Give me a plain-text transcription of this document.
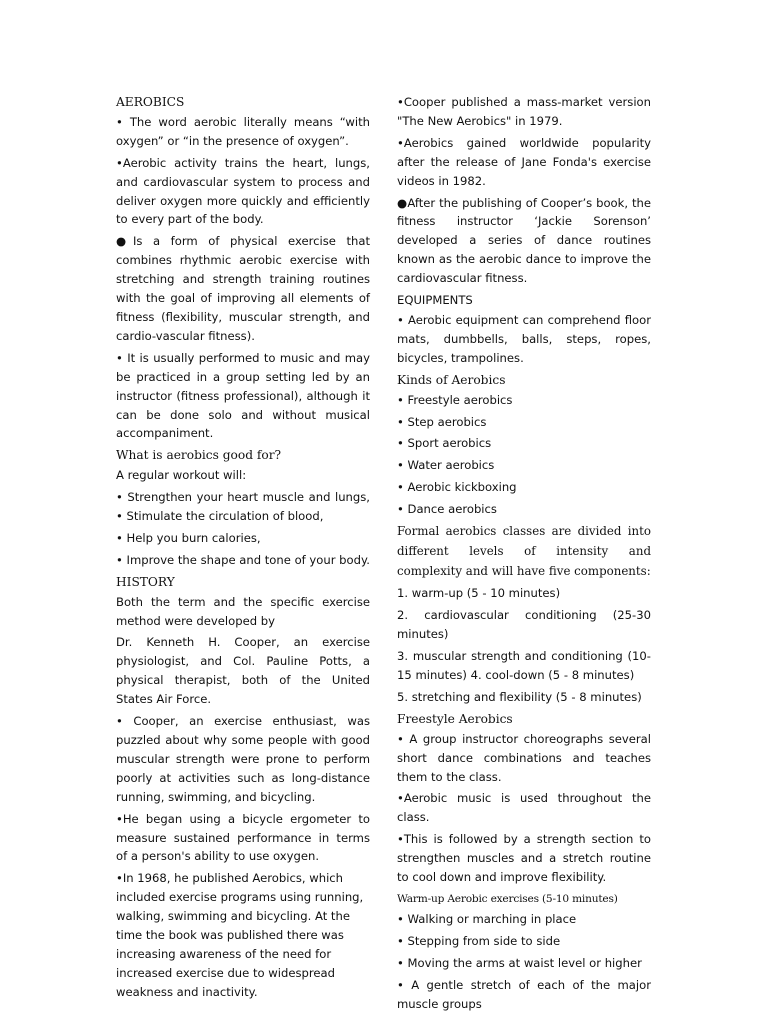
AEROBICS

• The word aerobic literally means “with oxygen” or “in the presence of oxygen”.

•Aerobic activity trains the heart, lungs, and cardiovascular system to process and deliver oxygen more quickly and efficiently to every part of the body.

●Is a form of physical exercise that combines rhythmic aerobic exercise with stretching and strength training routines with the goal of improving all elements of fitness (flexibility, muscular strength, and cardio-vascular fitness).

• It is usually performed to music and may be practiced in a group setting led by an instructor (fitness professional), although it can be done solo and without musical accompaniment.

What is aerobics good for?

A regular workout will:

• Strengthen your heart muscle and lungs, • Stimulate the circulation of blood,

• Help you burn calories,

• Improve the shape and tone of your body.

HISTORY

Both the term and the specific exercise method were developed by

Dr. Kenneth H. Cooper, an exercise physiologist, and Col. Pauline Potts, a physical therapist, both of the United States Air Force.

• Cooper, an exercise enthusiast, was puzzled about why some people with good muscular strength were prone to perform poorly at activities such as long-distance running, swimming, and bicycling.

•He began using a bicycle ergometer to measure sustained performance in terms of a person's ability to use oxygen.

•In 1968, he published Aerobics, which included exercise programs using running, walking, swimming and bicycling. At the time the book was published there was increasing awareness of the need for increased exercise due to widespread weakness and inactivity.

•Cooper published a mass-market version "The New Aerobics" in 1979.

•Aerobics gained worldwide popularity after the release of Jane Fonda's exercise videos in 1982.

●After the publishing of Cooper’s book, the fitness instructor ‘Jackie Sorenson’ developed a series of dance routines known as the aerobic dance to improve the cardiovascular fitness.

EQUIPMENTS

• Aerobic equipment can comprehend floor mats, dumbbells, balls, steps, ropes, bicycles, trampolines.

Kinds of Aerobics

• Freestyle aerobics

• Step aerobics

• Sport aerobics

• Water aerobics

• Aerobic kickboxing

• Dance aerobics

Formal aerobics classes are divided into different levels of intensity and complexity and will have five components:

1. warm-up (5 - 10 minutes)

2. cardiovascular conditioning (25-30 minutes)

3. muscular strength and conditioning (10-15 minutes) 4. cool-down (5 - 8 minutes)

5. stretching and flexibility (5 - 8 minutes)

Freestyle Aerobics

• A group instructor choreographs several short dance combinations and teaches them to the class.

•Aerobic music is used throughout the class.

•This is followed by a strength section to strengthen muscles and a stretch routine to cool down and improve flexibility.

Warm-up Aerobic exercises (5-10 minutes)

• Walking or marching in place

• Stepping from side to side

• Moving the arms at waist level or higher

• A gentle stretch of each of the major muscle groups
